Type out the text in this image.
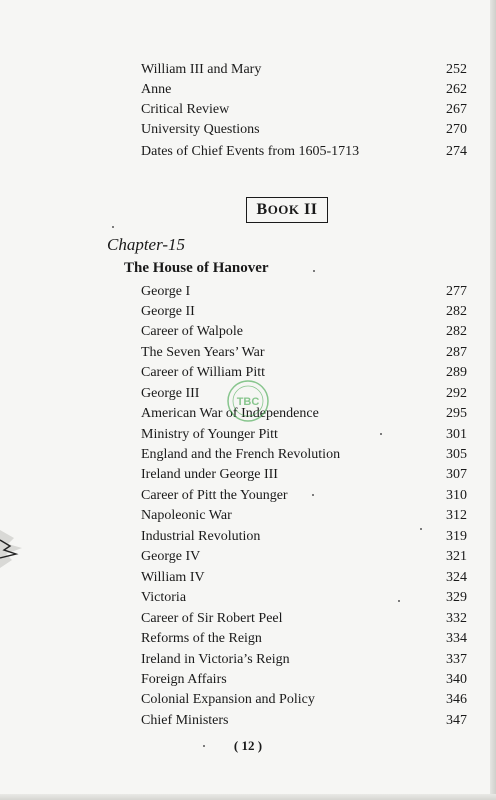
William III and Mary	252
Anne	262
Critical Review	267
University Questions	270
Dates of Chief Events from 1605-1713	274
B OOK
II
Chapter-15
The House of Hanover
George I	277
George II	282
Career of Walpole	282
The Seven Years’ War	287
Career of William Pitt	289
George III	292
American War of Independence	295
Ministry of Younger Pitt	301
England and the French Revolution	305
Ireland under George III	307
Career of Pitt the Younger	310
Napoleonic War	312
Industrial Revolution	319
George IV	321
William IV	324
Victoria	329
Career of Sir Robert Peel	332
Reforms of the Reign	334
Ireland in Victoria’s Reign	337
Foreign Affairs	340
Colonial Expansion and Policy	346
Chief Ministers	347
( 12 )
TBC
